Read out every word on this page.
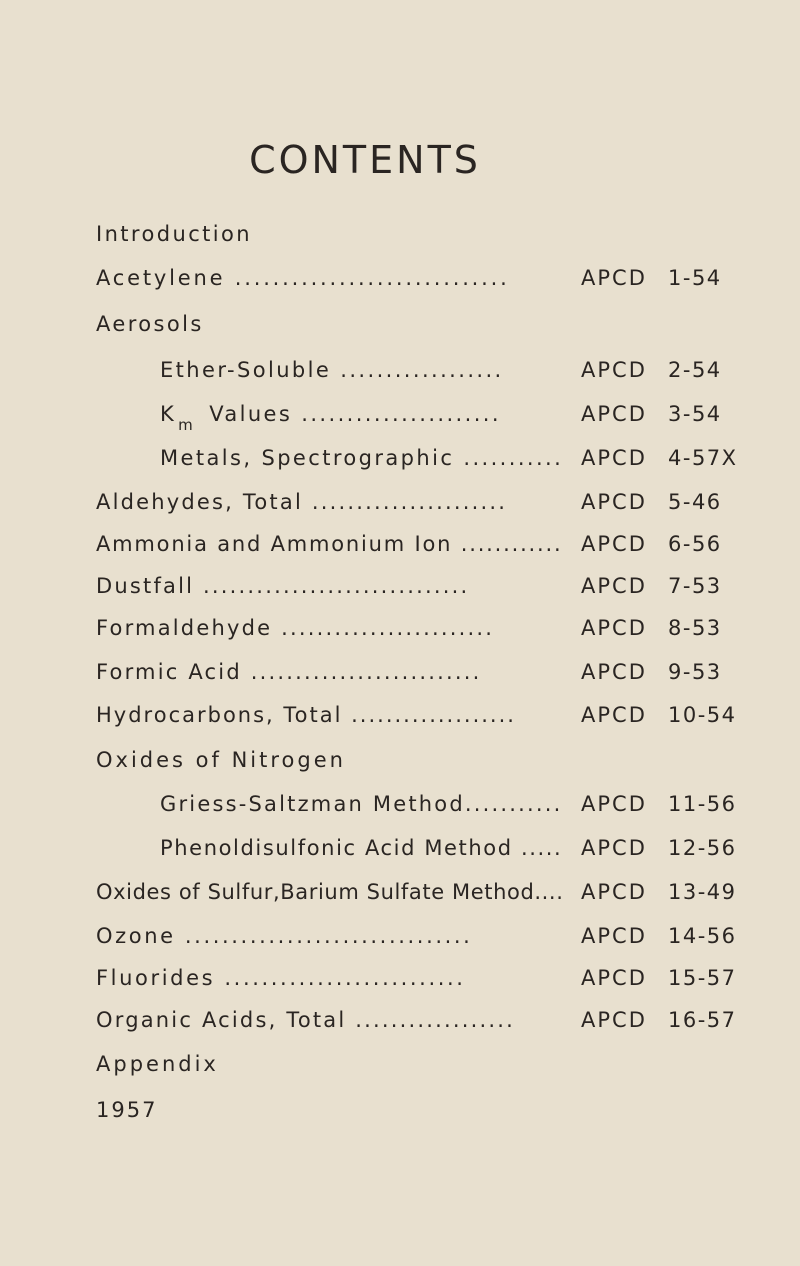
CONTENTS
Introduction
Acetylene .............................	APCD 1-54
Aerosols
Ether-Soluble ..................	APCD 2-54
K $_m$ Values ......................	APCD 3-54
Metals, Spectrographic ........... APCD 4-57X
Aldehydes, Total ......................	APCD 5-46
Ammonia and Ammonium Ion ............ APCD 6-56
Dustfall ..............................	APCD 7-53
Formaldehyde ........................	APCD 8-53
Formic Acid ..........................	APCD 9-53
Hydrocarbons, Total ...................	APCD 10-54
Oxides of Nitrogen
Griess-Saltzman Method........... APCD 11-56
Phenoldisulfonic Acid Method ..... APCD 12-56
Oxides of Sulfur,Barium Sulfate Method.... APCD 13-49
Ozone ...............................	APCD 14-56
Fluorides ..........................	APCD 15-57
Organic Acids, Total ..................	APCD 16-57
Appendix
1957
